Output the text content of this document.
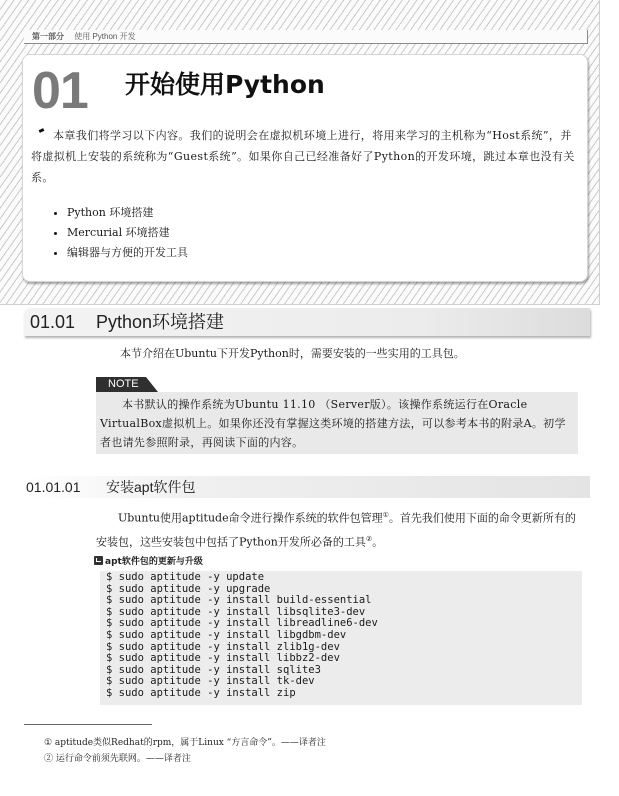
第一部分 使用 Python 开发
01 开始使用Python

本章我们将学习以下内容。我们的说明会在虚拟机环境上进行，将用来学习的主机称为“Host系统”，并将虚拟机上安装的系统称为“Guest系统”。如果你自己已经准备好了Python的开发环境，跳过本章也没有关系。

• Python 环境搭建
• Mercurial 环境搭建
• 编辑器与方便的开发工具
01.01 Python环境搭建
本节介绍在Ubuntu下开发Python时，需要安装的一些实用的工具包。
NOTE

本书默认的操作系统为Ubuntu 11.10 （Server版）。该操作系统运行在Oracle VirtualBox虚拟机上。如果你还没有掌握这类环境的搭建方法，可以参考本书的附录A。初学者也请先参照附录，再阅读下面的内容。

01.01.01 安装apt软件包

Ubuntu使用aptitude命令进行操作系统的软件包管理①。首先我们使用下面的命令更新所有的安装包，这些安装包中包括了Python开发所必备的工具②。

apt软件包的更新与升级
$ sudo aptitude -y update
$ sudo aptitude -y upgrade
$ sudo aptitude -y install build-essential
$ sudo aptitude -y install libsqlite3-dev
$ sudo aptitude -y install libreadline6-dev
$ sudo aptitude -y install libgdbm-dev
$ sudo aptitude -y install zlib1g-dev
$ sudo aptitude -y install libbz2-dev
$ sudo aptitude -y install sqlite3
$ sudo aptitude -y install tk-dev
$ sudo aptitude -y install zip
① aptitude类似Redhat的rpm，属于Linux “方言命令”。——译者注
② 运行命令前须先联网。——译者注
